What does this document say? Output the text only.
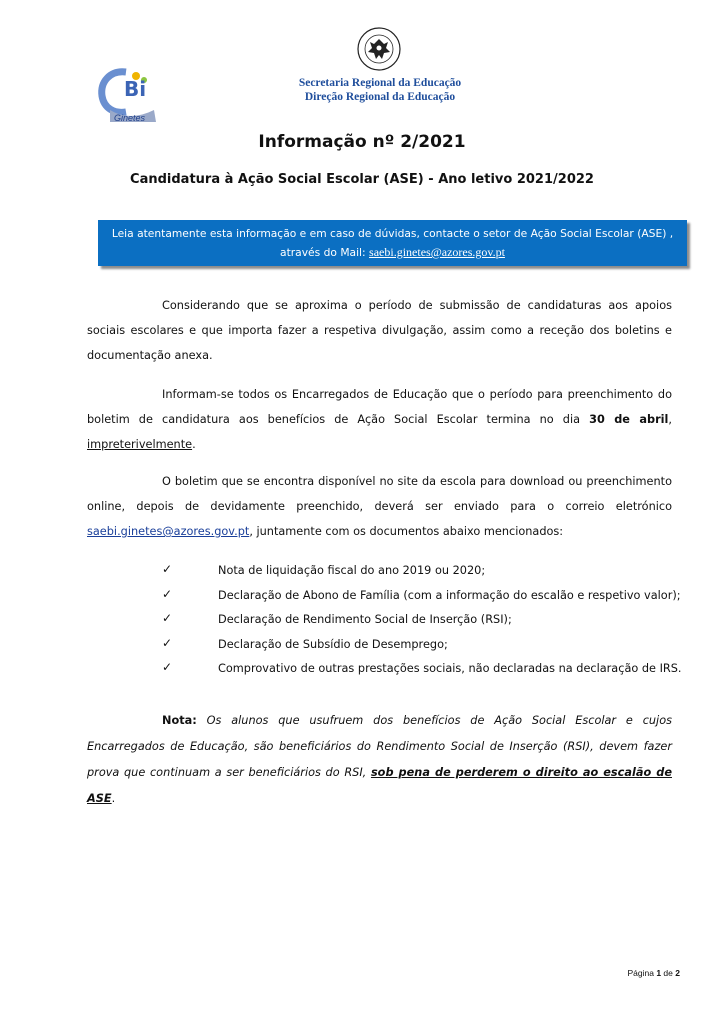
Bi
Ginetes
Secretaria Regional da Educação
Direção Regional da Educação
Informação nº 2/2021
Candidatura à Ação Social Escolar (ASE) - Ano letivo 2021/2022
Leia atentamente esta informação e em caso de dúvidas, contacte o setor de Ação Social Escolar (ASE) ,
através do Mail: saebi.ginetes@azores.gov.pt
Considerando que se aproxima o período de submissão de candidaturas aos apoios sociais escolares e que importa fazer a respetiva divulgação, assim como a receção dos boletins e documentação anexa.
Informam-se todos os Encarregados de Educação que o período para preenchimento do boletim de candidatura aos benefícios de Ação Social Escolar termina no dia 30 de abril, impreterivelmente.
O boletim que se encontra disponível no site da escola para download ou preenchimento online, depois de devidamente preenchido, deverá ser enviado para o correio eletrónico saebi.ginetes@azores.gov.pt, juntamente com os documentos abaixo mencionados:
✓	Nota de liquidação fiscal do ano 2019 ou 2020;
✓	Declaração de Abono de Família (com a informação do escalão e respetivo valor);
✓	Declaração de Rendimento Social de Inserção (RSI);
✓	Declaração de Subsídio de Desemprego;
✓	Comprovativo de outras prestações sociais, não declaradas na declaração de IRS.
Nota: Os alunos que usufruem dos benefícios de Ação Social Escolar e cujos Encarregados de Educação, são beneficiários do Rendimento Social de Inserção (RSI), devem fazer prova que continuam a ser beneficiários do RSI, sob pena de perderem o direito ao escalão de ASE.
Página 1 de 2
